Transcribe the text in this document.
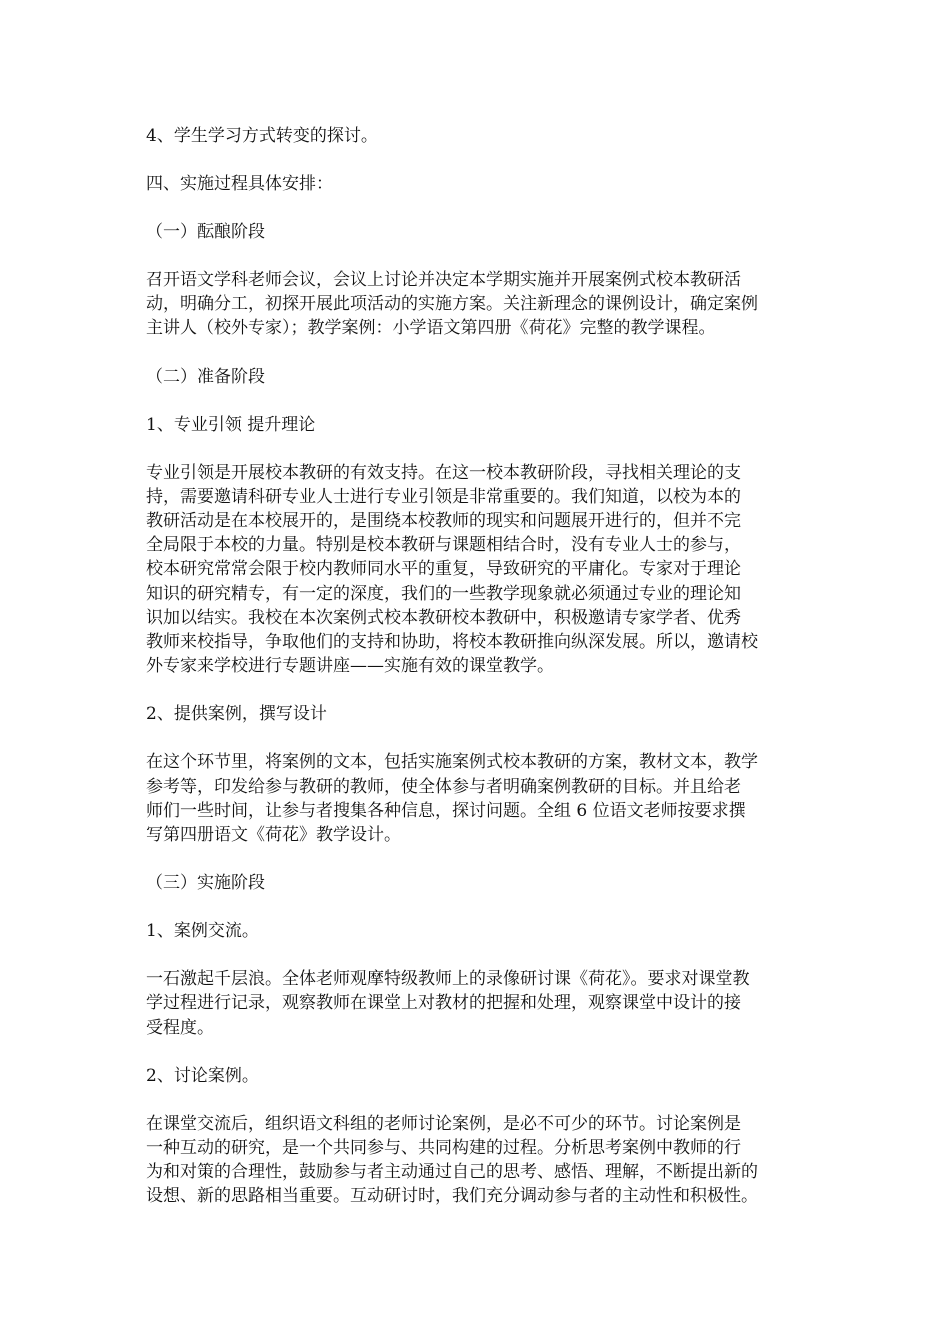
4、学生学习方式转变的探讨。

四、实施过程具体安排：

（一）酝酿阶段

召开语文学科老师会议，会议上讨论并决定本学期实施并开展案例式校本教研活
动，明确分工，初探开展此项活动的实施方案。关注新理念的课例设计，确定案例
主讲人（校外专家）；教学案例：小学语文第四册《荷花》完整的教学课程。

（二）准备阶段

1、专业引领 提升理论

专业引领是开展校本教研的有效支持。在这一校本教研阶段，寻找相关理论的支
持，需要邀请科研专业人士进行专业引领是非常重要的。我们知道，以校为本的
教研活动是在本校展开的，是围绕本校教师的现实和问题展开进行的，但并不完
全局限于本校的力量。特别是校本教研与课题相结合时，没有专业人士的参与，
校本研究常常会限于校内教师同水平的重复，导致研究的平庸化。专家对于理论
知识的研究精专，有一定的深度，我们的一些教学现象就必须通过专业的理论知
识加以结实。我校在本次案例式校本教研校本教研中，积极邀请专家学者、优秀
教师来校指导，争取他们的支持和协助，将校本教研推向纵深发展。所以，邀请校
外专家来学校进行专题讲座——实施有效的课堂教学。

2、提供案例，撰写设计

在这个环节里，将案例的文本，包括实施案例式校本教研的方案，教材文本，教学
参考等，印发给参与教研的教师，使全体参与者明确案例教研的目标。并且给老
师们一些时间，让参与者搜集各种信息，探讨问题。全组 6 位语文老师按要求撰
写第四册语文《荷花》教学设计。

（三）实施阶段

1、案例交流。

一石激起千层浪。全体老师观摩特级教师上的录像研讨课《荷花》。要求对课堂教
学过程进行记录，观察教师在课堂上对教材的把握和处理，观察课堂中设计的接
受程度。

2、讨论案例。

在课堂交流后，组织语文科组的老师讨论案例，是必不可少的环节。讨论案例是
一种互动的研究，是一个共同参与、共同构建的过程。分析思考案例中教师的行
为和对策的合理性，鼓励参与者主动通过自己的思考、感悟、理解，不断提出新的
设想、新的思路相当重要。互动研讨时，我们充分调动参与者的主动性和积极性。
